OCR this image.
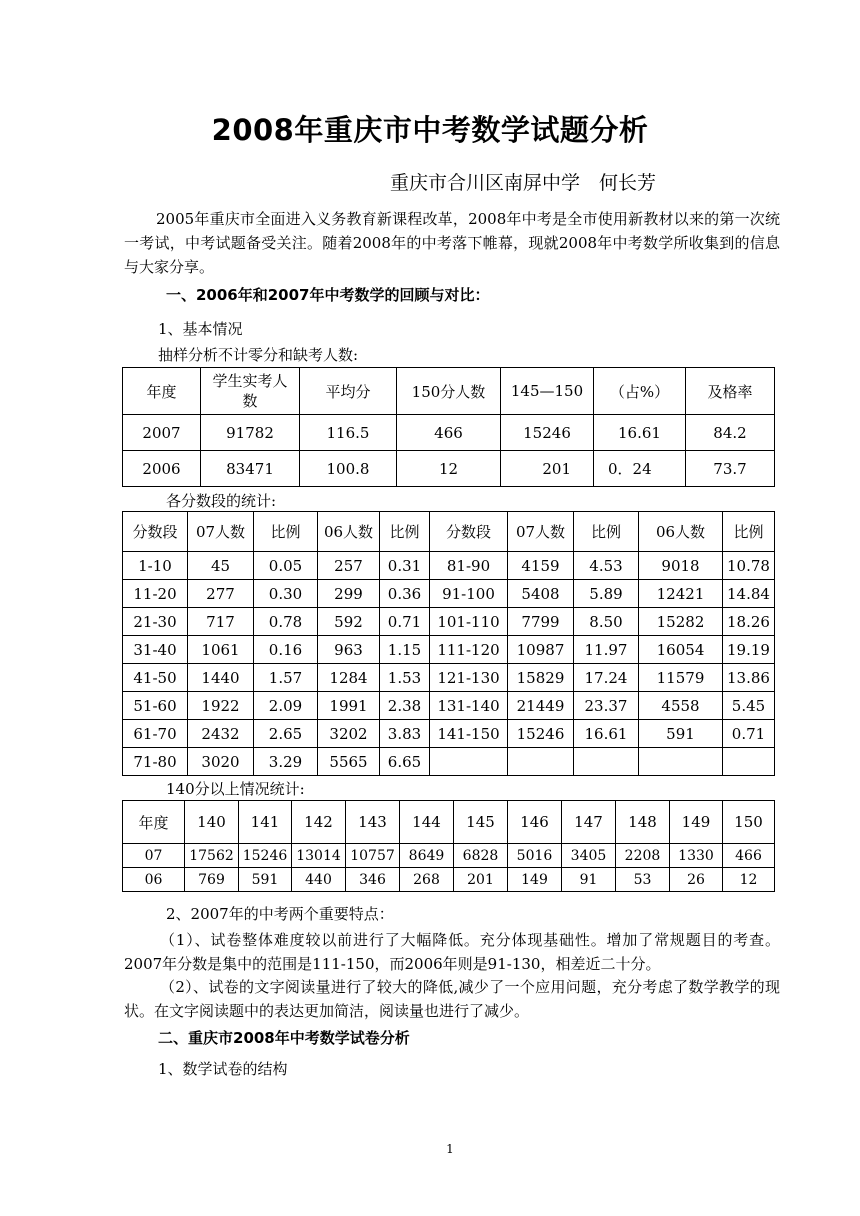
2008年重庆市中考数学试题分析
重庆市合川区南屏中学　何长芳
2005年重庆市全面进入义务教育新课程改革，2008年中考是全市使用新教材以来的第一次统一考试，中考试题备受关注。随着2008年的中考落下帷幕，现就2008年中考数学所收集到的信息与大家分享。
一、2006年和2007年中考数学的回顾与对比：
1、基本情况
抽样分析不计零分和缺考人数:
年度	学生实考人数	平均分	150分人数	145—150	（占%）	及格率
2007	91782	116.5	466	15246	16.61	84.2
2006	83471	100.8	12	201	0．24	73.7
各分数段的统计:
分数段	07人数	比例	06人数	比例	分数段	07人数	比例	06人数	比例
1-10	45	0.05	257	0.31	81-90	4159	4.53	9018	10.78
11-20	277	0.30	299	0.36	91-100	5408	5.89	12421	14.84
21-30	717	0.78	592	0.71	101-110	7799	8.50	15282	18.26
31-40	1061	0.16	963	1.15	111-120	10987	11.97	16054	19.19
41-50	1440	1.57	1284	1.53	121-130	15829	17.24	11579	13.86
51-60	1922	2.09	1991	2.38	131-140	21449	23.37	4558	5.45
61-70	2432	2.65	3202	3.83	141-150	15246	16.61	591	0.71
71-80	3020	3.29	5565	6.65					
140分以上情况统计:
年度	140	141	142	143	144	145	146	147	148	149	150
07	17562	15246	13014	10757	8649	6828	5016	3405	2208	1330	466
06	769	591	440	346	268	201	149	91	53	26	12
2、2007年的中考两个重要特点：
（1）、试卷整体难度较以前进行了大幅降低。充分体现基础性。增加了常规题目的考查。2007年分数是集中的范围是111-150，而2006年则是91-130，相差近二十分。
（2）、试卷的文字阅读量进行了较大的降低,减少了一个应用问题，充分考虑了数学教学的现状。在文字阅读题中的表达更加简洁，阅读量也进行了减少。
二、重庆市2008年中考数学试卷分析
1、数学试卷的结构
1
